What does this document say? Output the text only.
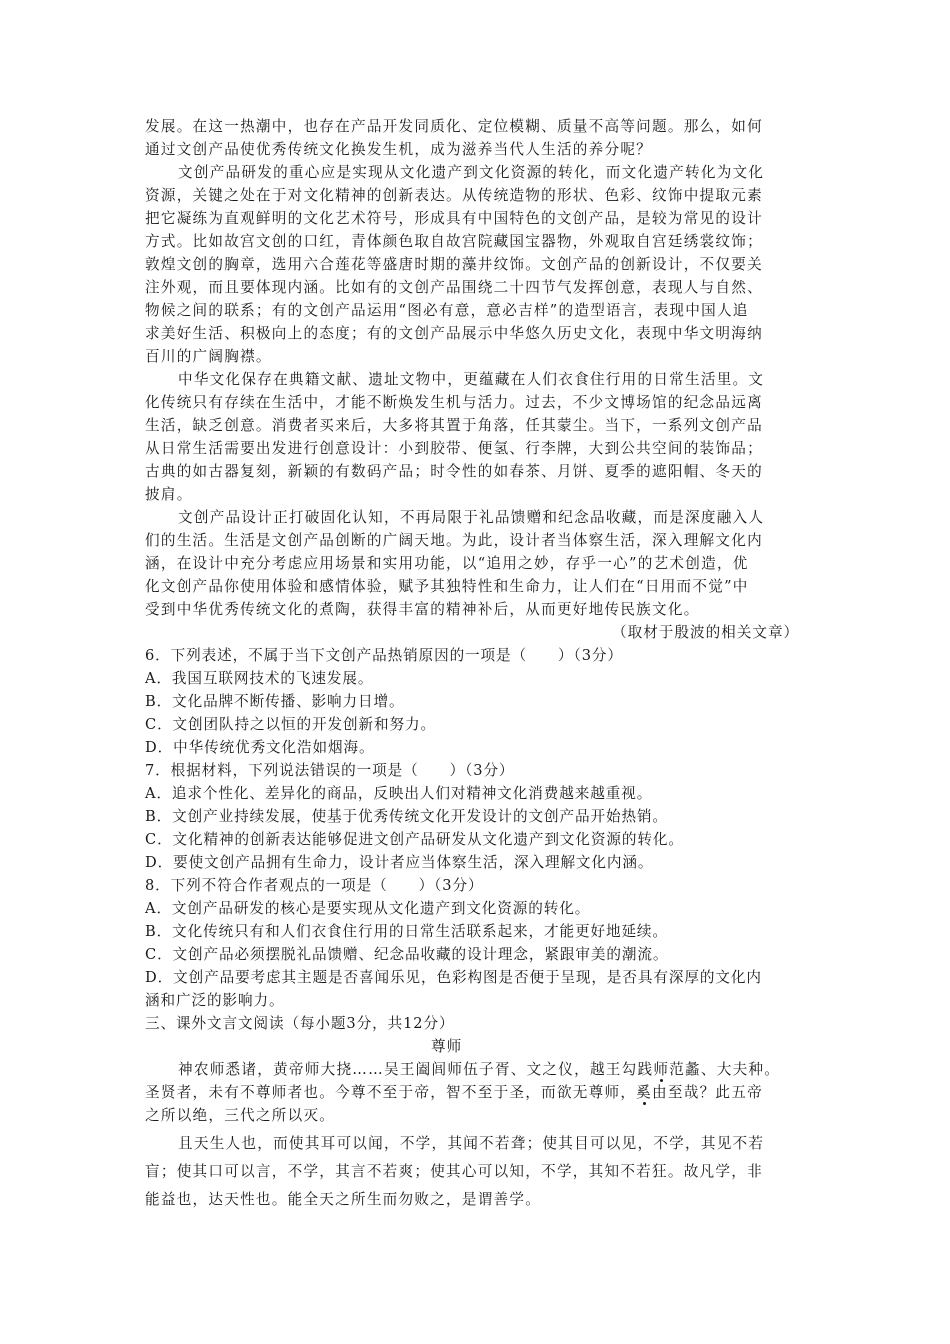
发展。在这一热潮中，也存在产品开发同质化、定位模糊、质量不高等问题。那么，如何
通过文创产品使优秀传统文化换发生机，成为滋养当代人生活的养分呢？
文创产品研发的重心应是实现从文化遗产到文化资源的转化，而文化遗产转化为文化
资源，关键之处在于对文化精神的创新表达。从传统造物的形状、色彩、纹饰中提取元素
把它凝练为直观鲜明的文化艺术符号，形成具有中国特色的文创产品，是较为常见的设计
方式。比如故宫文创的口红，青体颜色取自故宫院藏国宝器物，外观取自宫廷绣裳纹饰；
敦煌文创的胸章，选用六合莲花等盛唐时期的藻井纹饰。文创产品的创新设计，不仅要关
注外观，而且要体现内涵。比如有的文创产品围绕二十四节气发挥创意，表现人与自然、
物候之间的联系；有的文创产品运用“图必有意，意必吉样”的造型语言，表现中国人追
求美好生活、积极向上的态度；有的文创产品展示中华悠久历史文化，表现中华文明海纳
百川的广阔胸襟。
中华文化保存在典籍文献、遗址文物中，更蕴藏在人们衣食住行用的日常生活里。文
化传统只有存续在生活中，才能不断焕发生机与活力。过去，不少文博场馆的纪念品远离
生活，缺乏创意。消费者买来后，大多将其置于角落，任其蒙尘。当下，一系列文创产品
从日常生活需要出发进行创意设计：小到胶带、便氢、行李牌，大到公共空间的装饰品；
古典的如古器复刻，新颖的有数码产品；时令性的如春茶、月饼、夏季的遮阳帽、冬天的
披肩。
文创产品设计正打破固化认知，不再局限于礼品馈赠和纪念品收藏，而是深度融入人
们的生活。生活是文创产品创断的广阔天地。为此，设计者当体察生活，深入理解文化内
涵，在设计中充分考虑应用场景和实用功能，以“追用之妙，存乎一心”的艺术创造，优
化文创产品你使用体验和感情体验，赋予其独特性和生命力，让人们在“日用而不觉”中
受到中华优秀传统文化的煮陶，获得丰富的精神补后，从而更好地传民族文化。
（取材于殷波的相关文章）
6．下列表述，不属于当下文创产品热销原因的一项是（　　）（3分）
A．我国互联网技术的飞速发展。
B．文化品牌不断传播、影响力日增。
C．文创团队持之以恒的开发创新和努力。
D．中华传统优秀文化浩如烟海。
7．根据材料，下列说法错误的一项是（　　）（3分）
A．追求个性化、差异化的商品，反映出人们对精神文化消费越来越重视。
B．文创产业持续发展，使基于优秀传统文化开发设计的文创产品开始热销。
C．文化精神的创新表达能够促进文创产品研发从文化遗产到文化资源的转化。
D．要使文创产品拥有生命力，设计者应当体察生活，深入理解文化内涵。
8．下列不符合作者观点的一项是（　　）（3分）
A．文创产品研发的核心是要实现从文化遗产到文化资源的转化。
B．文化传统只有和人们衣食住行用的日常生活联系起来，才能更好地延续。
C．文创产品必须摆脱礼品馈赠、纪念品收藏的设计理念，紧跟审美的潮流。
D．文创产品要考虑其主题是否喜闻乐见，色彩构图是否便于呈现，是否具有深厚的文化内
涵和广泛的影响力。
三、课外文言文阅读（每小题3分，共12分）
尊师
神农师悉诸，黄帝师大挠……吴王阖闾师伍子胥、文之仪，越王勾践师范蠡、大夫种。
圣贤者，未有不尊师者也。今尊不至于帝，智不至于圣，而欲无尊师，奚由至哉？此五帝
之所以绝，三代之所以灭。
且天生人也，而使其耳可以闻，不学，其闻不若聋；使其目可以见，不学，其见不若
盲；使其口可以言，不学，其言不若爽；使其心可以知，不学，其知不若狂。故凡学，非
能益也，达天性也。能全天之所生而勿败之，是谓善学。
